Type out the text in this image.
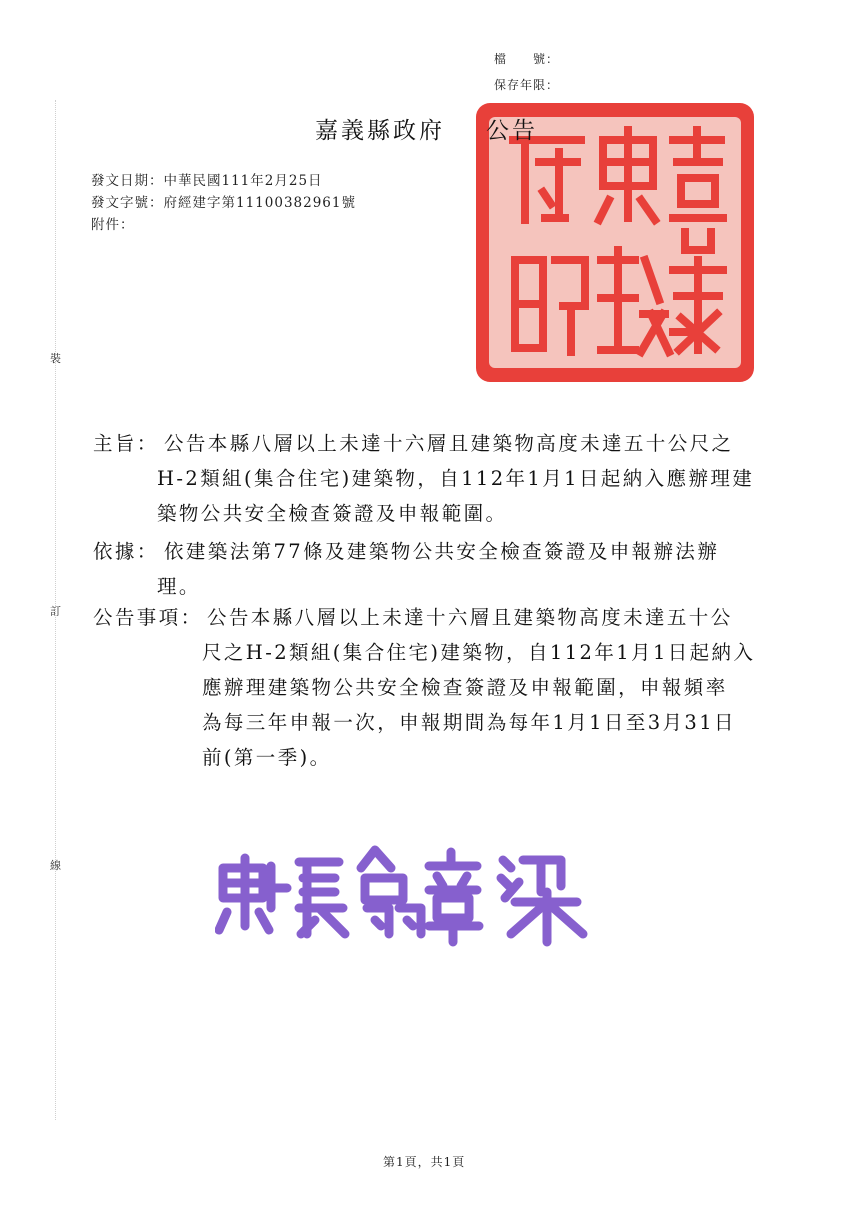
裝
訂
線
檔　　號：
保存年限：
嘉義縣政府 公告
發文日期：中華民國111年2月25日
發文字號：府經建字第11100382961號
附件：
主旨： 公告本縣八層以上未達十六層且建築物高度未達五十公尺之
H-2類組(集合住宅)建築物，自112年1月1日起納入應辦理建
築物公共安全檢查簽證及申報範圍。
依據： 依建築法第77條及建築物公共安全檢查簽證及申報辦法辦
理。
公告事項： 公告本縣八層以上未達十六層且建築物高度未達五十公
尺之H-2類組(集合住宅)建築物，自112年1月1日起納入
應辦理建築物公共安全檢查簽證及申報範圍，申報頻率
為每三年申報一次，申報期間為每年1月1日至3月31日
前(第一季)。
第1頁，共1頁
